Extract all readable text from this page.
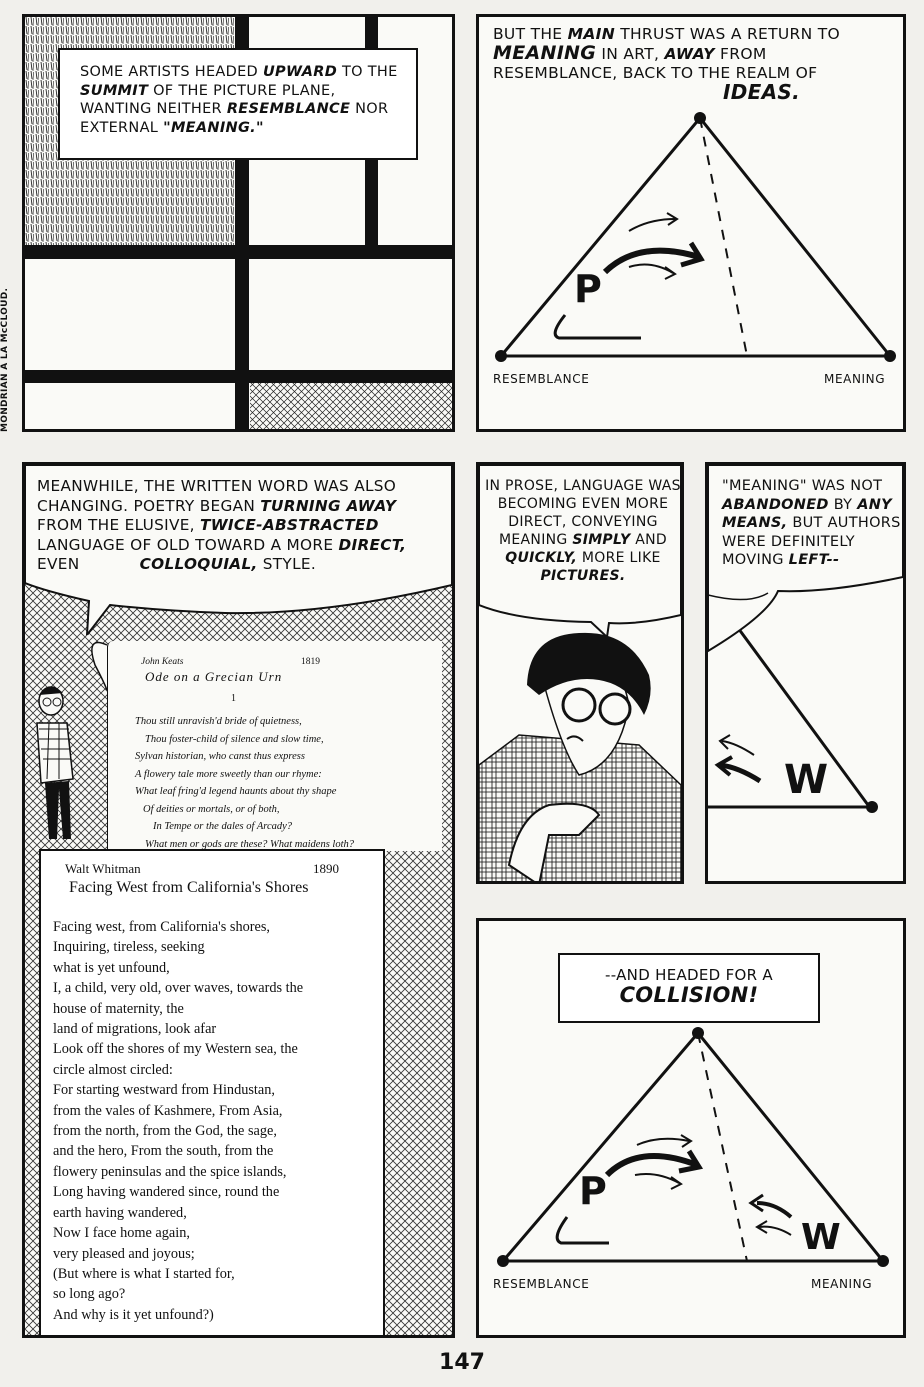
MONDRIAN A LA McCLOUD.
SOME ARTISTS HEADED UPWARD TO THE SUMMIT OF THE PICTURE PLANE, WANTING NEITHER RESEMBLANCE NOR EXTERNAL "MEANING."
BUT THE MAIN THRUST WAS A RETURN TO MEANING IN ART, AWAY FROM RESEMBLANCE, BACK TO THE REALM OF IDEAS.
P
RESEMBLANCE	MEANING
MEANWHILE, THE WRITTEN WORD WAS ALSO CHANGING. POETRY BEGAN TURNING AWAY FROM THE ELUSIVE, TWICE-ABSTRACTED LANGUAGE OF OLD TOWARD A MORE DIRECT, EVEN	COLLOQUIAL, STYLE.
John Keats	1819
Ode on a Grecian Urn
1
Thou still unravish'd bride of quietness,
Thou foster-child of silence and slow time,
Sylvan historian, who canst thus express
A flowery tale more sweetly than our rhyme:
What leaf fring'd legend haunts about thy shape
Of deities or mortals, or of both,
In Tempe or the dales of Arcady?
What men or gods are these? What maidens loth?
Walt Whitman	1890
Facing West from California's Shores
Facing west, from California's shores,
Inquiring, tireless, seeking
what is yet unfound,
I, a child, very old, over waves, towards the
house of maternity, the
land of migrations, look afar
Look off the shores of my Western sea, the
circle almost circled:
For starting westward from Hindustan,
from the vales of Kashmere, From Asia,
from the north, from the God, the sage,
and the hero, From the south, from the
flowery peninsulas and the spice islands,
Long having wandered since, round the
earth having wandered,
Now I face home again,
very pleased and joyous;
(But where is what I started for,
so long ago?
And why is it yet unfound?)
IN PROSE, LANGUAGE WAS BECOMING EVEN MORE DIRECT, CONVEYING MEANING SIMPLY AND QUICKLY, MORE LIKE PICTURES.
"MEANING" WAS NOT ABANDONED BY ANY MEANS, BUT AUTHORS WERE DEFINITELY MOVING LEFT--
W
--AND HEADED FOR A COLLISION!
P
W
RESEMBLANCE	MEANING
147
